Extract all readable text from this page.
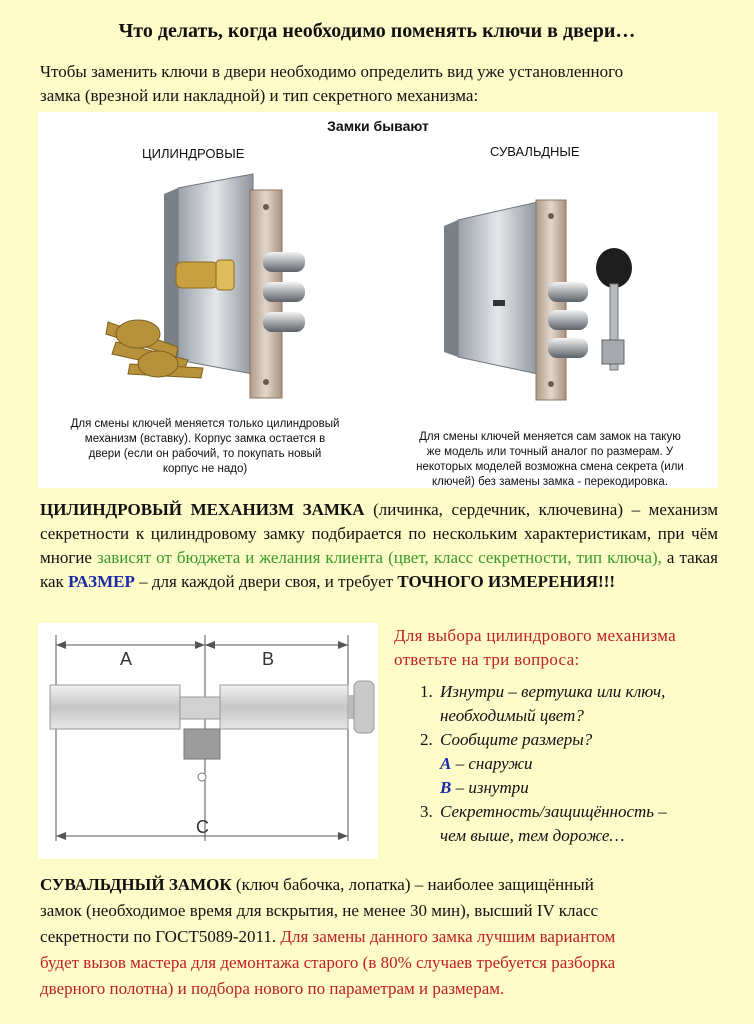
Что делать, когда необходимо поменять ключи в двери…
Чтобы заменить ключи в двери необходимо определить вид уже установленного
замка (врезной или накладной) и тип секретного механизма:
Замки бывают
ЦИЛИНДРОВЫЕ	СУВАЛЬДНЫЕ
Для смены ключей меняется только цилиндровый
механизм (вставку). Корпус замка остается в
двери (если он рабочий, то покупать новый
корпус не надо)
Для смены ключей меняется сам замок на такую
же модель или точный аналог по размерам. У
некоторых моделей возможна смена секрета (или
ключей) без замены замка - перекодировка.
ЦИЛИНДРОВЫЙ МЕХАНИЗМ ЗАМКА (личинка, сердечник, ключевина) – механизм секретности к цилиндровому замку подбирается по нескольким характеристикам, при чём многие зависят от бюджета и желания клиента (цвет, класс секретности, тип ключа), а такая как РАЗМЕР – для каждой двери своя, и требует ТОЧНОГО ИЗМЕРЕНИЯ!!!
A	B
C
Для выбора цилиндрового механизма
ответьте на три вопроса:
1. Изнутри – вертушка или ключ,
необходимый цвет?
2. Сообщите размеры?
A – снаружи
B – изнутри
3. Секретность/защищённость –
чем выше, тем дороже…
СУВАЛЬДНЫЙ ЗАМОК (ключ бабочка, лопатка) – наиболее защищённый
замок (необходимое время для вскрытия, не менее 30 мин), высший IV класс
секретности по ГОСТ5089-2011. Для замены данного замка лучшим вариантом
будет вызов мастера для демонтажа старого (в 80% случаев требуется разборка
дверного полотна) и подбора нового по параметрам и размерам.
